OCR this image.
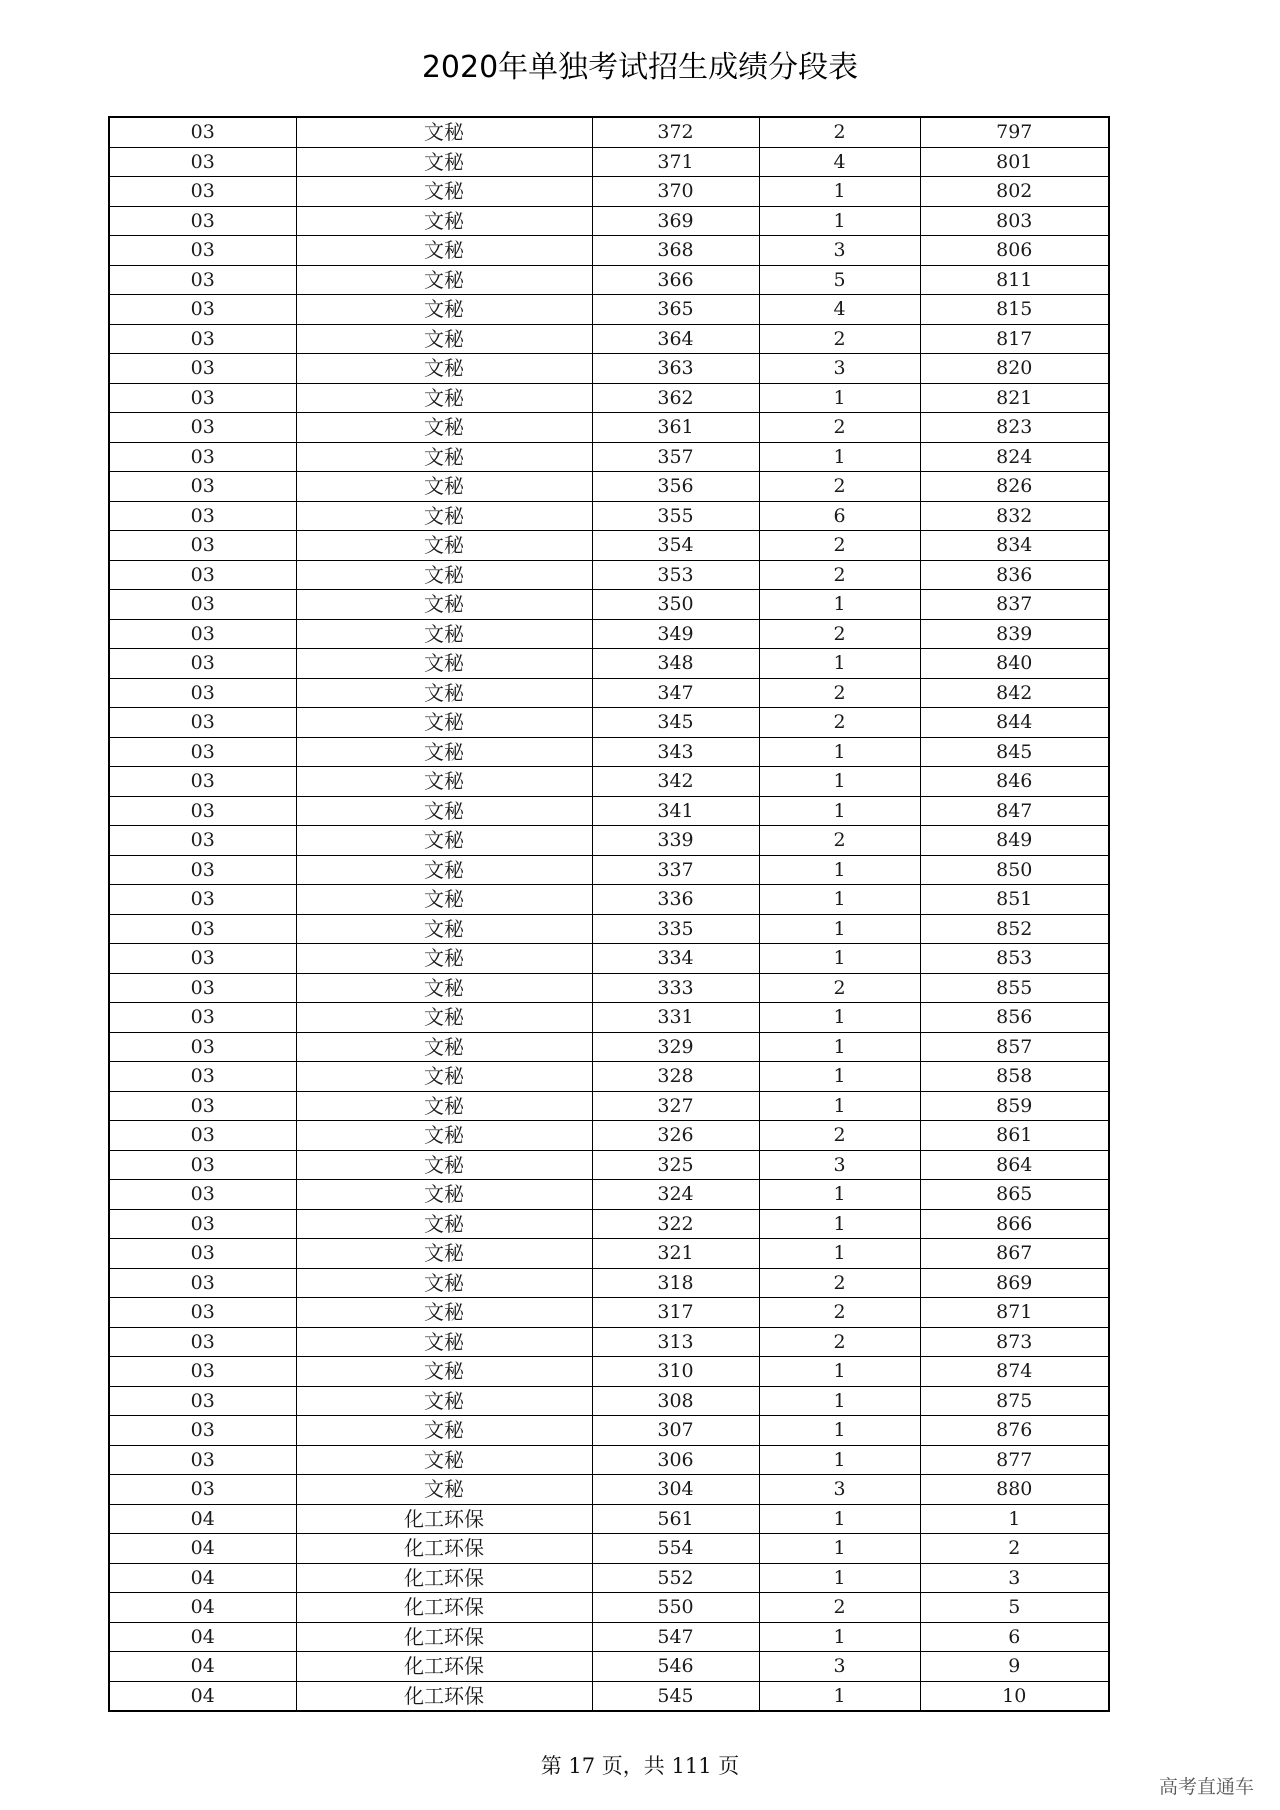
2020年单独考试招生成绩分段表
03	文秘	372	2	797
03	文秘	371	4	801
03	文秘	370	1	802
03	文秘	369	1	803
03	文秘	368	3	806
03	文秘	366	5	811
03	文秘	365	4	815
03	文秘	364	2	817
03	文秘	363	3	820
03	文秘	362	1	821
03	文秘	361	2	823
03	文秘	357	1	824
03	文秘	356	2	826
03	文秘	355	6	832
03	文秘	354	2	834
03	文秘	353	2	836
03	文秘	350	1	837
03	文秘	349	2	839
03	文秘	348	1	840
03	文秘	347	2	842
03	文秘	345	2	844
03	文秘	343	1	845
03	文秘	342	1	846
03	文秘	341	1	847
03	文秘	339	2	849
03	文秘	337	1	850
03	文秘	336	1	851
03	文秘	335	1	852
03	文秘	334	1	853
03	文秘	333	2	855
03	文秘	331	1	856
03	文秘	329	1	857
03	文秘	328	1	858
03	文秘	327	1	859
03	文秘	326	2	861
03	文秘	325	3	864
03	文秘	324	1	865
03	文秘	322	1	866
03	文秘	321	1	867
03	文秘	318	2	869
03	文秘	317	2	871
03	文秘	313	2	873
03	文秘	310	1	874
03	文秘	308	1	875
03	文秘	307	1	876
03	文秘	306	1	877
03	文秘	304	3	880
04	化工环保	561	1	1
04	化工环保	554	1	2
04	化工环保	552	1	3
04	化工环保	550	2	5
04	化工环保	547	1	6
04	化工环保	546	3	9
04	化工环保	545	1	10
第 17 页，共 111 页
高考直通车
